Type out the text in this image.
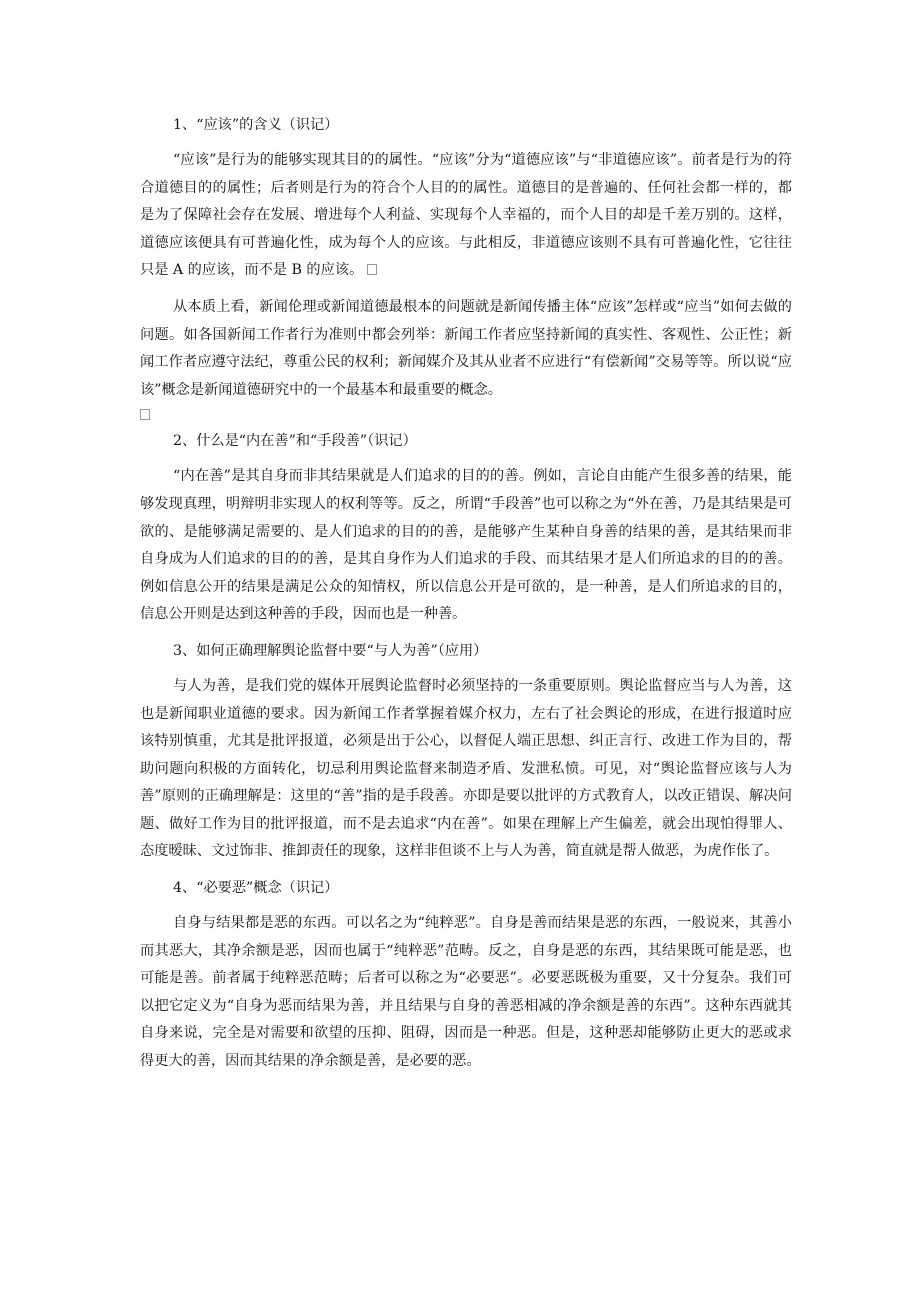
1、“应该”的含义（识记）

“应该”是行为的能够实现其目的的属性。“应该”分为“道德应该”与“非道德应该”。前者是行为的符合道德目的的属性；后者则是行为的符合个人目的的属性。道德目的是普遍的、任何社会都一样的，都是为了保障社会存在发展、增进每个人利益、实现每个人幸福的，而个人目的却是千差万别的。这样，道德应该便具有可普遍化性，成为每个人的应该。与此相反，非道德应该则不具有可普遍化性，它往往只是 A 的应该，而不是 B 的应该。

从本质上看，新闻伦理或新闻道德最根本的问题就是新闻传播主体“应该”怎样或“应当”如何去做的问题。如各国新闻工作者行为准则中都会列举：新闻工作者应坚持新闻的真实性、客观性、公正性；新闻工作者应遵守法纪，尊重公民的权利；新闻媒介及其从业者不应进行“有偿新闻”交易等等。所以说“应该”概念是新闻道德研究中的一个最基本和最重要的概念。

2、什么是“内在善”和“手段善”（识记）

“内在善”是其自身而非其结果就是人们追求的目的的善。例如，言论自由能产生很多善的结果，能够发现真理，明辩明非实现人的权利等等。反之，所谓“手段善”也可以称之为“外在善，乃是其结果是可欲的、是能够满足需要的、是人们追求的目的的善，是能够产生某种自身善的结果的善，是其结果而非自身成为人们追求的目的的善，是其自身作为人们追求的手段、而其结果才是人们所追求的目的的善。例如信息公开的结果是满足公众的知情权，所以信息公开是可欲的，是一种善，是人们所追求的目的，信息公开则是达到这种善的手段，因而也是一种善。

3、如何正确理解舆论监督中要“与人为善”（应用）

与人为善，是我们党的媒体开展舆论监督时必须坚持的一条重要原则。舆论监督应当与人为善，这也是新闻职业道德的要求。因为新闻工作者掌握着媒介权力，左右了社会舆论的形成，在进行报道时应该特别慎重，尤其是批评报道，必须是出于公心，以督促人端正思想、纠正言行、改进工作为目的，帮助问题向积极的方面转化，切忌利用舆论监督来制造矛盾、发泄私愤。可见，对“舆论监督应该与人为善”原则的正确理解是：这里的“善”指的是手段善。亦即是要以批评的方式教育人，以改正错误、解决问题、做好工作为目的批评报道，而不是去追求“内在善”。如果在理解上产生偏差，就会出现怕得罪人、态度暧昧、文过饰非、推卸责任的现象，这样非但谈不上与人为善，简直就是帮人做恶，为虎作伥了。

4、“必要恶”概念（识记）

自身与结果都是恶的东西。可以名之为“纯粹恶”。自身是善而结果是恶的东西，一般说来，其善小而其恶大，其净余额是恶，因而也属于“纯粹恶”范畴。反之，自身是恶的东西，其结果既可能是恶，也可能是善。前者属于纯粹恶范畴；后者可以称之为“必要恶”。必要恶既极为重要，又十分复杂。我们可以把它定义为“自身为恶而结果为善，并且结果与自身的善恶相减的净余额是善的东西”。这种东西就其自身来说，完全是对需要和欲望的压抑、阻碍，因而是一种恶。但是，这种恶却能够防止更大的恶或求得更大的善，因而其结果的净余额是善，是必要的恶。
